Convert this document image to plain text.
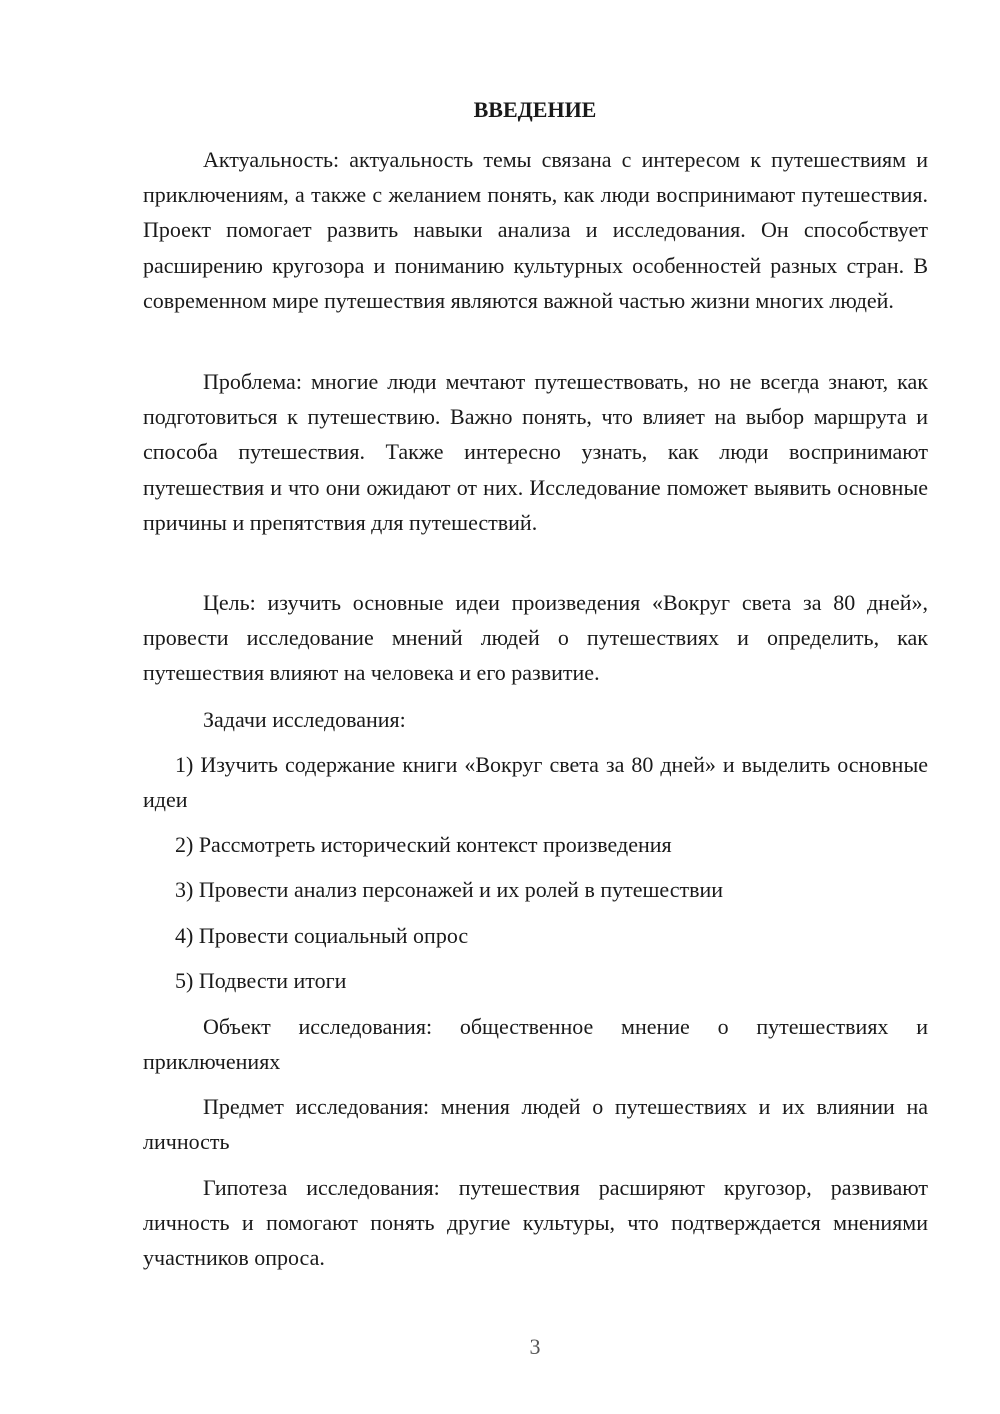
ВВЕДЕНИЕ

Актуальность: актуальность темы связана с интересом к путешествиям и приключениям, а также с желанием понять, как люди воспринимают путешествия. Проект помогает развить навыки анализа и исследования. Он способствует расширению кругозора и пониманию культурных особенностей разных стран. В современном мире путешествия являются важной частью жизни многих людей.

Проблема: многие люди мечтают путешествовать, но не всегда знают, как подготовиться к путешествию. Важно понять, что влияет на выбор маршрута и способа путешествия. Также интересно узнать, как люди воспринимают путешествия и что они ожидают от них. Исследование поможет выявить основные причины и препятствия для путешествий.

Цель: изучить основные идеи произведения «Вокруг света за 80 дней», провести исследование мнений людей о путешествиях и определить, как путешествия влияют на человека и его развитие.

Задачи исследования:

1) Изучить содержание книги «Вокруг света за 80 дней» и выделить основные идеи

2) Рассмотреть исторический контекст произведения

3) Провести анализ персонажей и их ролей в путешествии

4) Провести социальный опрос

5) Подвести итоги

Объект исследования: общественное мнение о путешествиях и приключениях

Предмет исследования: мнения людей о путешествиях и их влиянии на личность

Гипотеза исследования: путешествия расширяют кругозор, развивают личность и помогают понять другие культуры, что подтверждается мнениями участников опроса.

3
